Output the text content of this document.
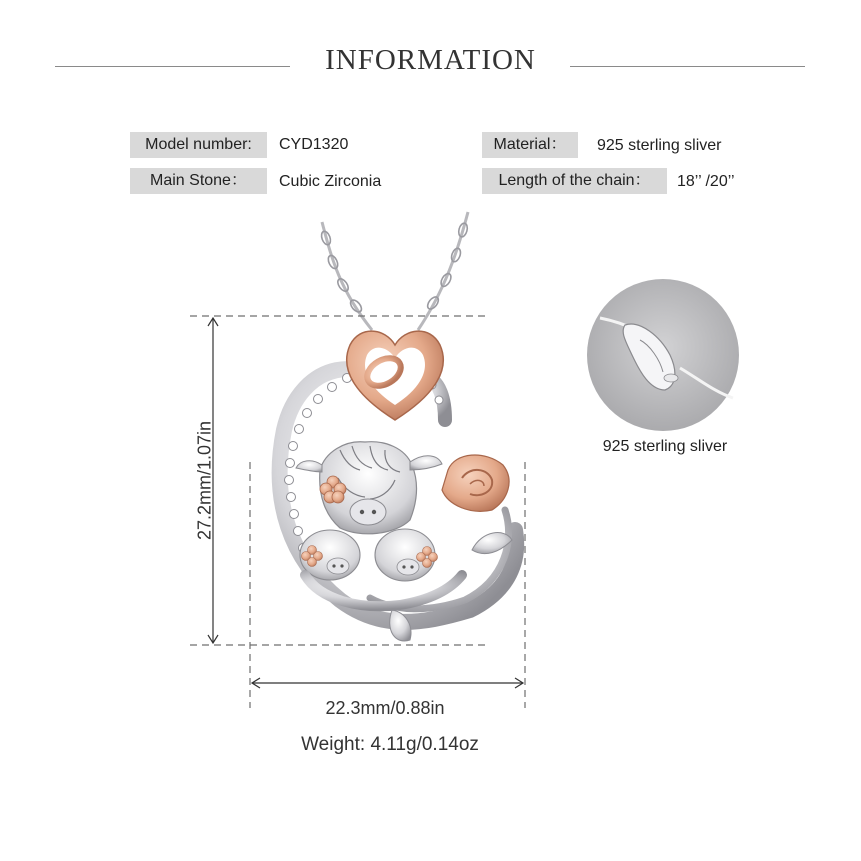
INFORMATION
Model number:	CYD1320
Main Stone：	Cubic Zirconia
Material：	925 sterling sliver
Length of the chain：	18’’ /20’’
27.2mm/1.07in
22.3mm/0.88in
Weight: 4.11g/0.14oz
925 sterling sliver
